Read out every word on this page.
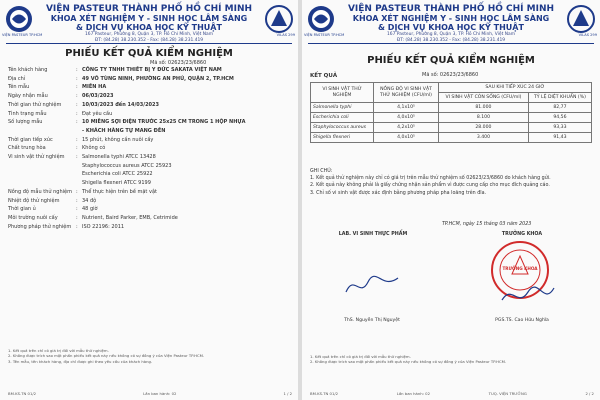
VIỆN PASTEUR TP.HCM
VIỆN PASTEUR THÀNH PHỐ HỒ CHÍ MINH
KHOA XÉT NGHIỆM Y - SINH HỌC LÂM SÀNG
& DỊCH VỤ KHOA HỌC KỸ THUẬT
167 Pasteur, Phường 8, Quận 3, TP. Hồ Chí Minh, Việt Nam
ĐT: (84.28) 38.230.352 - Fax: (84.28) 38.231.419
VILAS 299
PHIẾU KẾT QUẢ KIỂM NGHIỆM
Mã số: 02623/23/6860
Tên khách hàng	: CÔNG TY TNHH THIẾT BỊ Y ĐỨC SAKATA VIỆT NAM
Địa chỉ	: 49 VÕ TÙNG NINH, PHƯỜNG AN PHÚ, QUẬN 2, TP.HCM
Tên mẫu	: MIẾN HA
Ngày nhận mẫu	: 06/03/2023
Thời gian thử nghiệm	: 10/03/2023 đến 14/03/2023
Tình trạng mẫu	: Đạt yêu cầu
Số lượng mẫu	: 10 MIẾNG SỢI ĐIỆN TRƯỚC 25x25 CM TRONG 1 HỘP NHỰA
- KHÁCH HÀNG TỰ MANG ĐẾN
Thời gian tiếp xúc	: 15 phút, không cần nuôi cấy
Chất trung hòa	: Không có
Vi sinh vật thử nghiệm	: Salmonella typhi ATCC 13428
Staphylococcus aureus ATCC 25923
Escherichia coli ATCC 25922
Shigella flexneri ATCC 9199
Nồng độ mẫu thử nghiệm : Thể thực hiện trên bề mặt vật
Nhiệt độ thử nghiệm	: 34 độ
Thời gian ủ	: 48 giờ
Môi trường nuôi cấy	: Nutrient, Baird Parker, EMB, Cetrimide
Phương pháp thử nghiệm : ISO 22196: 2011
1. Kết quả trên chỉ có giá trị đối với mẫu thử nghiệm.
2. Không được trích sao một phần phiếu kết quả này nếu không có sự đồng ý của Viện Pasteur TP.HCM.
3. Tên mẫu, tên khách hàng, địa chỉ được ghi theo yêu cầu của khách hàng.
BM.KS.TN 01/2	Lần ban hành: 02	1 / 2
VIỆN PASTEUR TP.HCM
VIỆN PASTEUR THÀNH PHỐ HỒ CHÍ MINH
KHOA XÉT NGHIỆM Y - SINH HỌC LÂM SÀNG
& DỊCH VỤ KHOA HỌC KỸ THUẬT
167 Pasteur, Phường 8, Quận 3, TP. Hồ Chí Minh, Việt Nam
ĐT: (84.28) 38.230.352 - Fax: (84.28) 38.231.419
VILAS 299
PHIẾU KẾT QUẢ KIỂM NGHIỆM
Mã số: 02623/23/6860
KẾT QUẢ
VI SINH VẬT THỬ NGHIỆM	NỒNG ĐỘ VI SINH VẬT THỬ NGHIỆM (CFU/ml)	SAU KHI TIẾP XÚC 24 GIỜ	
		VI SINH VẬT CÒN SỐNG (CFU/ml)	TỶ LỆ DIỆT KHUẨN (%)
Salmonella typhi	4,1x10⁵	81.000	82,77
Escherichia coli	4,0x10⁵	8.100	94,56
Staphylococcus aureus	4,2x10⁵	28.000	93,33
Shigella flexneri	4,0x10⁵	3.400	91,43
GHI CHÚ:
1. Kết quả thử nghiệm này chỉ có giá trị trên mẫu thử nghiệm số 02623/23/6860 do khách hàng gửi.
2. Kết quả này không phải là giấy chứng nhận sản phẩm vì được cung cấp cho mục đích quảng cáo.
3. Chỉ số vi sinh vật được xác định bằng phương pháp pha loãng trên đĩa.
TP.HCM, ngày 15 tháng 03 năm 2023
LAB. VI SINH THỰC PHẨM	TRƯỞNG KHOA
TRƯỞNG KHOA
ThS. Nguyễn Thị Nguyệt	PGS.TS. Cao Hữu Nghĩa
1. Kết quả trên chỉ có giá trị đối với mẫu thử nghiệm.
2. Không được trích sao một phần phiếu kết quả này nếu không có sự đồng ý của Viện Pasteur TP.HCM.
BM.KS.TN 01/2	Lần ban hành: 02	TUQ. VIỆN TRƯỞNG	2 / 2
